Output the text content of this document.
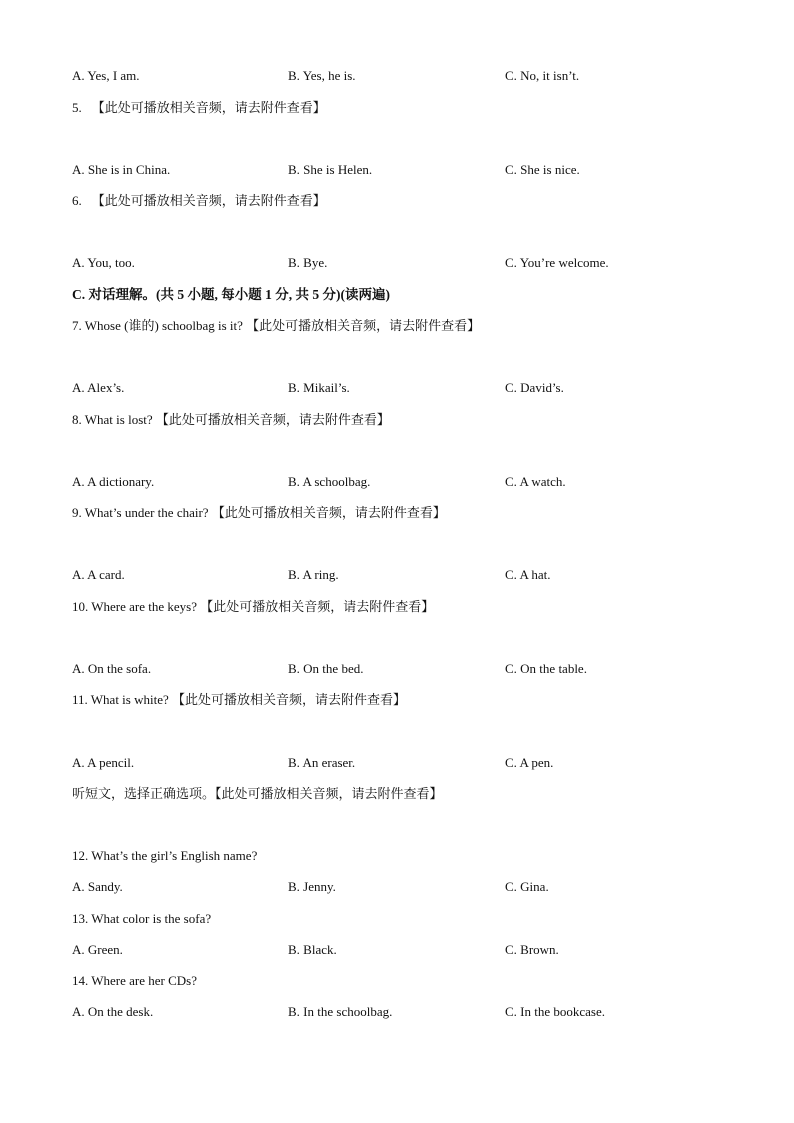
A. Yes, I am.	B. Yes, he is.	C. No, it isn’t.
5. 【此处可播放相关音频，请去附件查看】
A. She is in China.	B. She is Helen.	C. She is nice.
6. 【此处可播放相关音频，请去附件查看】
A. You, too.	B. Bye.	C. You’re welcome.
C. 对话理解。(共 5 小题, 每小题 1 分, 共 5 分)(读两遍)
7. Whose (谁的) schoolbag is it? 【此处可播放相关音频，请去附件查看】
A. Alex’s.	B. Mikail’s.	C. David’s.
8. What is lost? 【此处可播放相关音频，请去附件查看】
A. A dictionary.	B. A schoolbag.	C. A watch.
9. What’s under the chair? 【此处可播放相关音频，请去附件查看】
A. A card.	B. A ring.	C. A hat.
10. Where are the keys? 【此处可播放相关音频，请去附件查看】
A. On the sofa.	B. On the bed.	C. On the table.
11. What is white? 【此处可播放相关音频，请去附件查看】
A. A pencil.	B. An eraser.	C. A pen.
听短文，选择正确选项。【此处可播放相关音频，请去附件查看】
12. What’s the girl’s English name?
A. Sandy.	B. Jenny.	C. Gina.
13. What color is the sofa?
A. Green.	B. Black.	C. Brown.
14. Where are her CDs?
A. On the desk.	B. In the schoolbag.	C. In the bookcase.
